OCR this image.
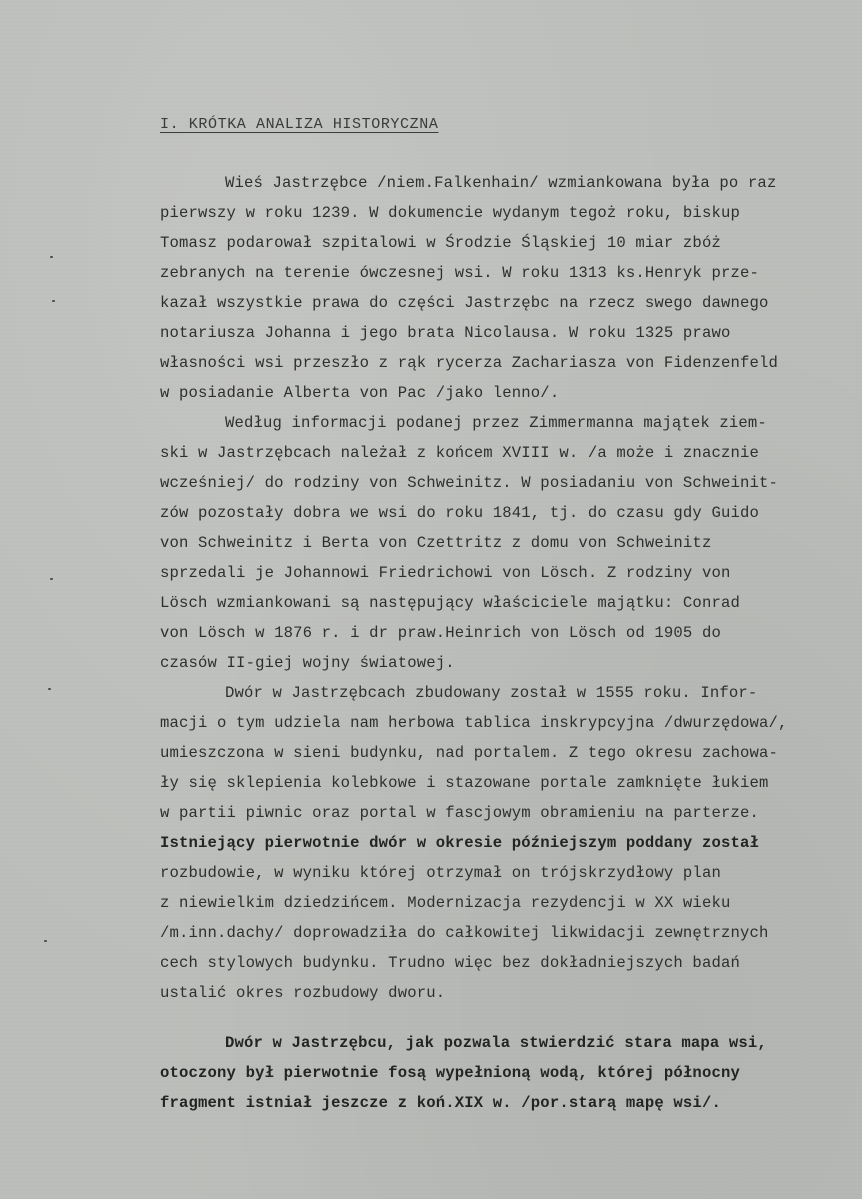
I. KRÓTKA ANALIZA HISTORYCZNA
Wieś Jastrzębce /niem.Falkenhain/ wzmiankowana była po raz
pierwszy w roku 1239. W dokumencie wydanym tegoż roku, biskup
Tomasz podarował szpitalowi w Środzie Śląskiej 10 miar zbóż
zebranych na terenie ówczesnej wsi. W roku 1313 ks.Henryk prze-
kazał wszystkie prawa do części Jastrzębc na rzecz swego dawnego
notariusza Johanna i jego brata Nicolausa. W roku 1325 prawo
własności wsi przeszło z rąk rycerza Zachariasza von Fidenzenfeld
w posiadanie Alberta von Pac /jako lenno/.
Według informacji podanej przez Zimmermanna majątek ziem-
ski w Jastrzębcach należał z końcem XVIII w. /a może i znacznie
wcześniej/ do rodziny von Schweinitz. W posiadaniu von Schweinit-
zów pozostały dobra we wsi do roku 1841, tj. do czasu gdy Guido
von Schweinitz i Berta von Czettritz z domu von Schweinitz
sprzedali je Johannowi Friedrichowi von Lösch. Z rodziny von
Lösch wzmiankowani są następujący właściciele majątku: Conrad
von Lösch w 1876 r. i dr praw.Heinrich von Lösch od 1905 do
czasów II-giej wojny światowej.
Dwór w Jastrzębcach zbudowany został w 1555 roku. Infor-
macji o tym udziela nam herbowa tablica inskrypcyjna /dwurzędowa/,
umieszczona w sieni budynku, nad portalem. Z tego okresu zachowa-
ły się sklepienia kolebkowe i stazowane portale zamknięte łukiem
w partii piwnic oraz portal w fascjowym obramieniu na parterze.
Istniejący pierwotnie dwór w okresie późniejszym poddany został
rozbudowie, w wyniku której otrzymał on trójskrzydłowy plan
z niewielkim dziedzińcem. Modernizacja rezydencji w XX wieku
/m.inn.dachy/ doprowadziła do całkowitej likwidacji zewnętrznych
cech stylowych budynku. Trudno więc bez dokładniejszych badań
ustalić okres rozbudowy dworu.
Dwór w Jastrzębcu, jak pozwala stwierdzić stara mapa wsi,
otoczony był pierwotnie fosą wypełnioną wodą, której północny
fragment istniał jeszcze z koń.XIX w. /por.starą mapę wsi/.
